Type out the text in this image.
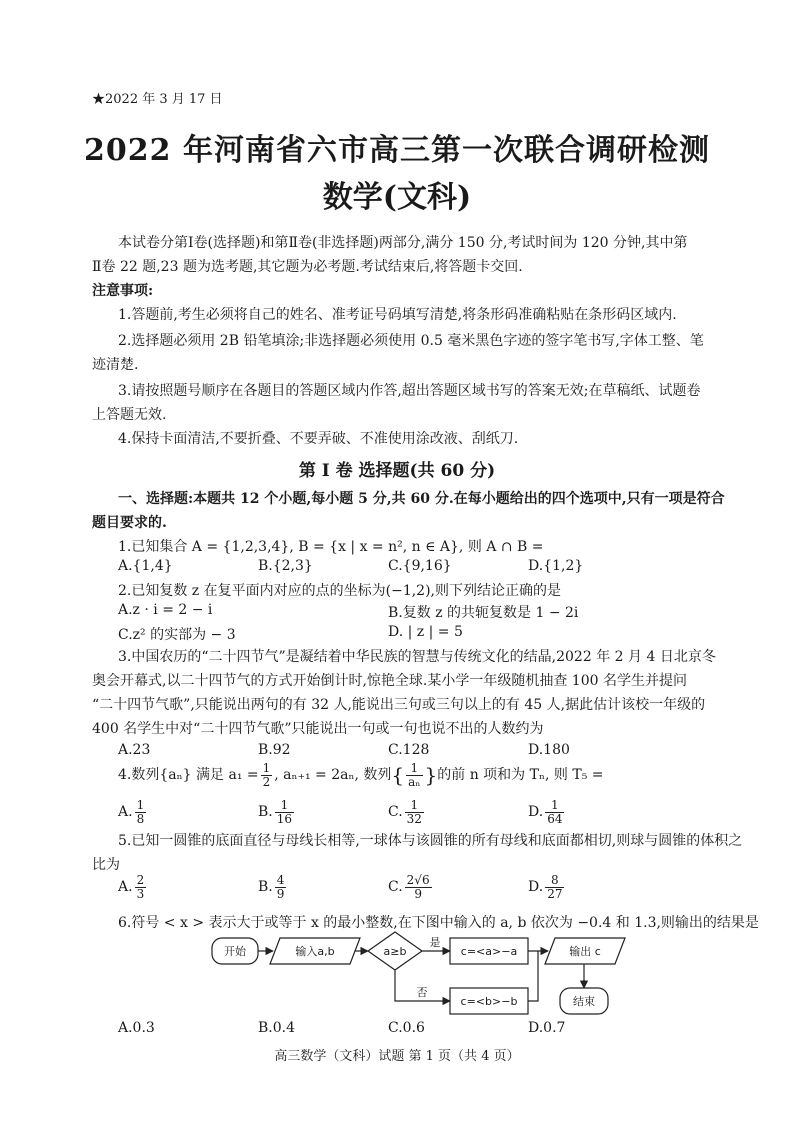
★2022 年 3 月 17 日
2022 年河南省六市高三第一次联合调研检测
数学(文科)
本试卷分第Ⅰ卷(选择题)和第Ⅱ卷(非选择题)两部分,满分 150 分,考试时间为 120 分钟,其中第
Ⅱ卷 22 题,23 题为选考题,其它题为必考题.考试结束后,将答题卡交回.
注意事项:
1.答题前,考生必须将自己的姓名、准考证号码填写清楚,将条形码准确粘贴在条形码区域内.
2.选择题必须用 2B 铅笔填涂;非选择题必须使用 0.5 毫米黑色字迹的签字笔书写,字体工整、笔
迹清楚.
3.请按照题号顺序在各题目的答题区域内作答,超出答题区域书写的答案无效;在草稿纸、试题卷
上答题无效.
4.保持卡面清洁,不要折叠、不要弄破、不准使用涂改液、刮纸刀.
第 Ⅰ 卷 选择题(共 60 分)
一、选择题:本题共 12 个小题,每小题 5 分,共 60 分.在每小题给出的四个选项中,只有一项是符合
题目要求的.
1.已知集合 A = {1,2,3,4}, B = {x | x = n², n ∈ A}, 则 A ∩ B =
A.{1,4}	B.{2,3}	C.{9,16}	D.{1,2}
2.已知复数 z 在复平面内对应的点的坐标为(−1,2),则下列结论正确的是
A.z · i = 2 − i	B.复数 z 的共轭复数是 1 − 2i
C.z² 的实部为 − 3	D. | z | = 5
3.中国农历的“二十四节气”是凝结着中华民族的智慧与传统文化的结晶,2022 年 2 月 4 日北京冬
奥会开幕式,以二十四节气的方式开始倒计时,惊艳全球.某小学一年级随机抽查 100 名学生并提问
“二十四节气歌”,只能说出两句的有 32 人,能说出三句或三句以上的有 45 人,据此估计该校一年级的
400 名学生中对“二十四节气歌”只能说出一句或一句也说不出的人数约为
A.23	B.92	C.128	D.180
4.数列{aₙ} 满足 $a_1 = \frac{1}{2}$ , aₙ₊₁ = 2aₙ, 数列{ $\frac{1}{\text{aₙ}}$ }的前 n 项和为 Tₙ, 则 T₅ =
A. $\frac{1}{8}$	B. $\frac{1}{16}$	C. $\frac{1}{32}$	D. $\frac{1}{64}$
5.已知一圆锥的底面直径与母线长相等,一球体与该圆锥的所有母线和底面都相切,则球与圆锥的体积之
比为
A. $\frac{2}{3}$	B. $\frac{4}{9}$	C. $\frac{2√6}{9}$	D. $\frac{8}{27}$
6.符号 < x > 表示大于或等于 x 的最小整数,在下图中输入的 a, b 依次为 −0.4 和 1.3,则输出的结果是
开始	输入a,b	a≥b
是
否
c=<a>−a
c=<b>−b
输出 c
结束
A.0.3	B.0.4	C.0.6	D.0.7
高三数学（文科）试题 第 1 页（共 4 页）
